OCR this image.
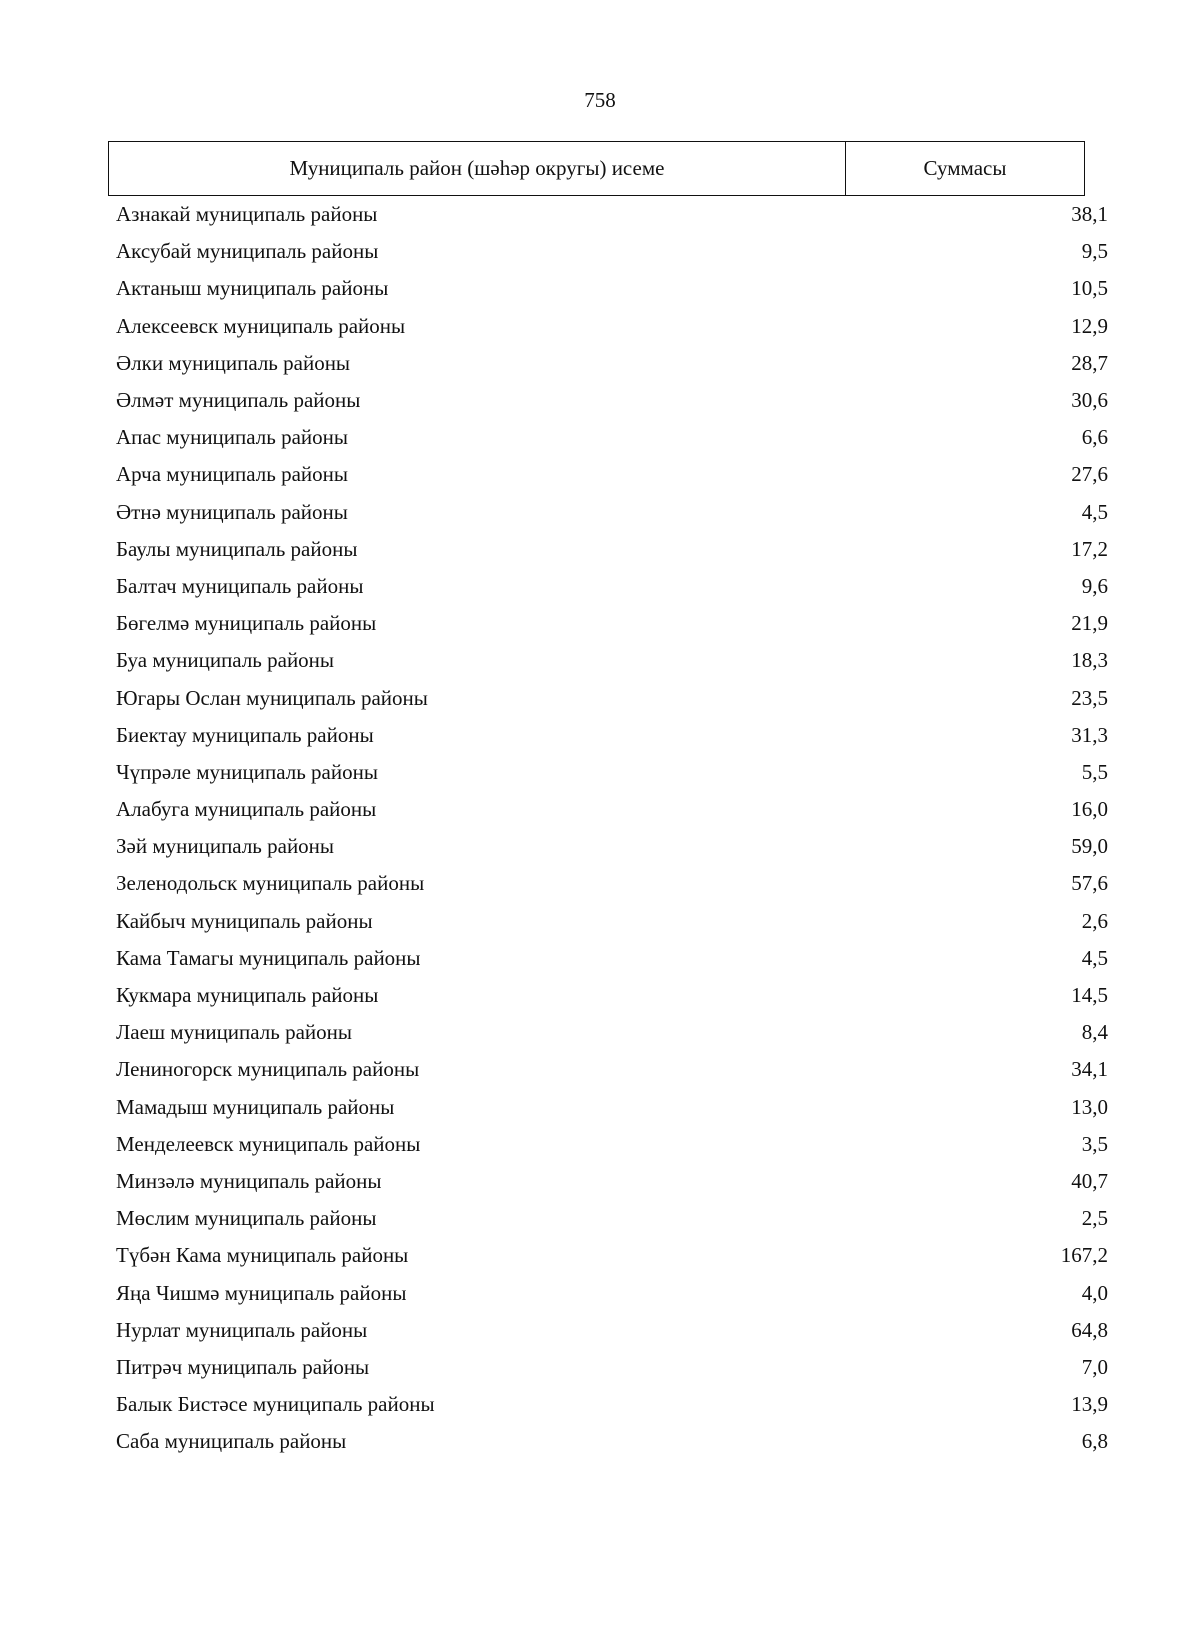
758
Муниципаль район (шәһәр округы) исеме	Суммасы
Азнакай муниципаль районы	38,1
Аксубай муниципаль районы	9,5
Актаныш муниципаль районы	10,5
Алексеевск муниципаль районы	12,9
Әлки муниципаль районы	28,7
Әлмәт муниципаль районы	30,6
Апас муниципаль районы	6,6
Арча муниципаль районы	27,6
Әтнә муниципаль районы	4,5
Баулы муниципаль районы	17,2
Балтач муниципаль районы	9,6
Бөгелмә муниципаль районы	21,9
Буа муниципаль районы	18,3
Югары Ослан муниципаль районы	23,5
Биектау муниципаль районы	31,3
Чүпрәле муниципаль районы	5,5
Алабуга муниципаль районы	16,0
Зәй муниципаль районы	59,0
Зеленодольск муниципаль районы	57,6
Кайбыч муниципаль районы	2,6
Кама Тамагы муниципаль районы	4,5
Кукмара муниципаль районы	14,5
Лаеш муниципаль районы	8,4
Лениногорск муниципаль районы	34,1
Мамадыш муниципаль районы	13,0
Менделеевск муниципаль районы	3,5
Минзәлә муниципаль районы	40,7
Мөслим муниципаль районы	2,5
Түбән Кама муниципаль районы	167,2
Яңа Чишмә муниципаль районы	4,0
Нурлат муниципаль районы	64,8
Питрәч муниципаль районы	7,0
Балык Бистәсе муниципаль районы	13,9
Саба муниципаль районы	6,8
